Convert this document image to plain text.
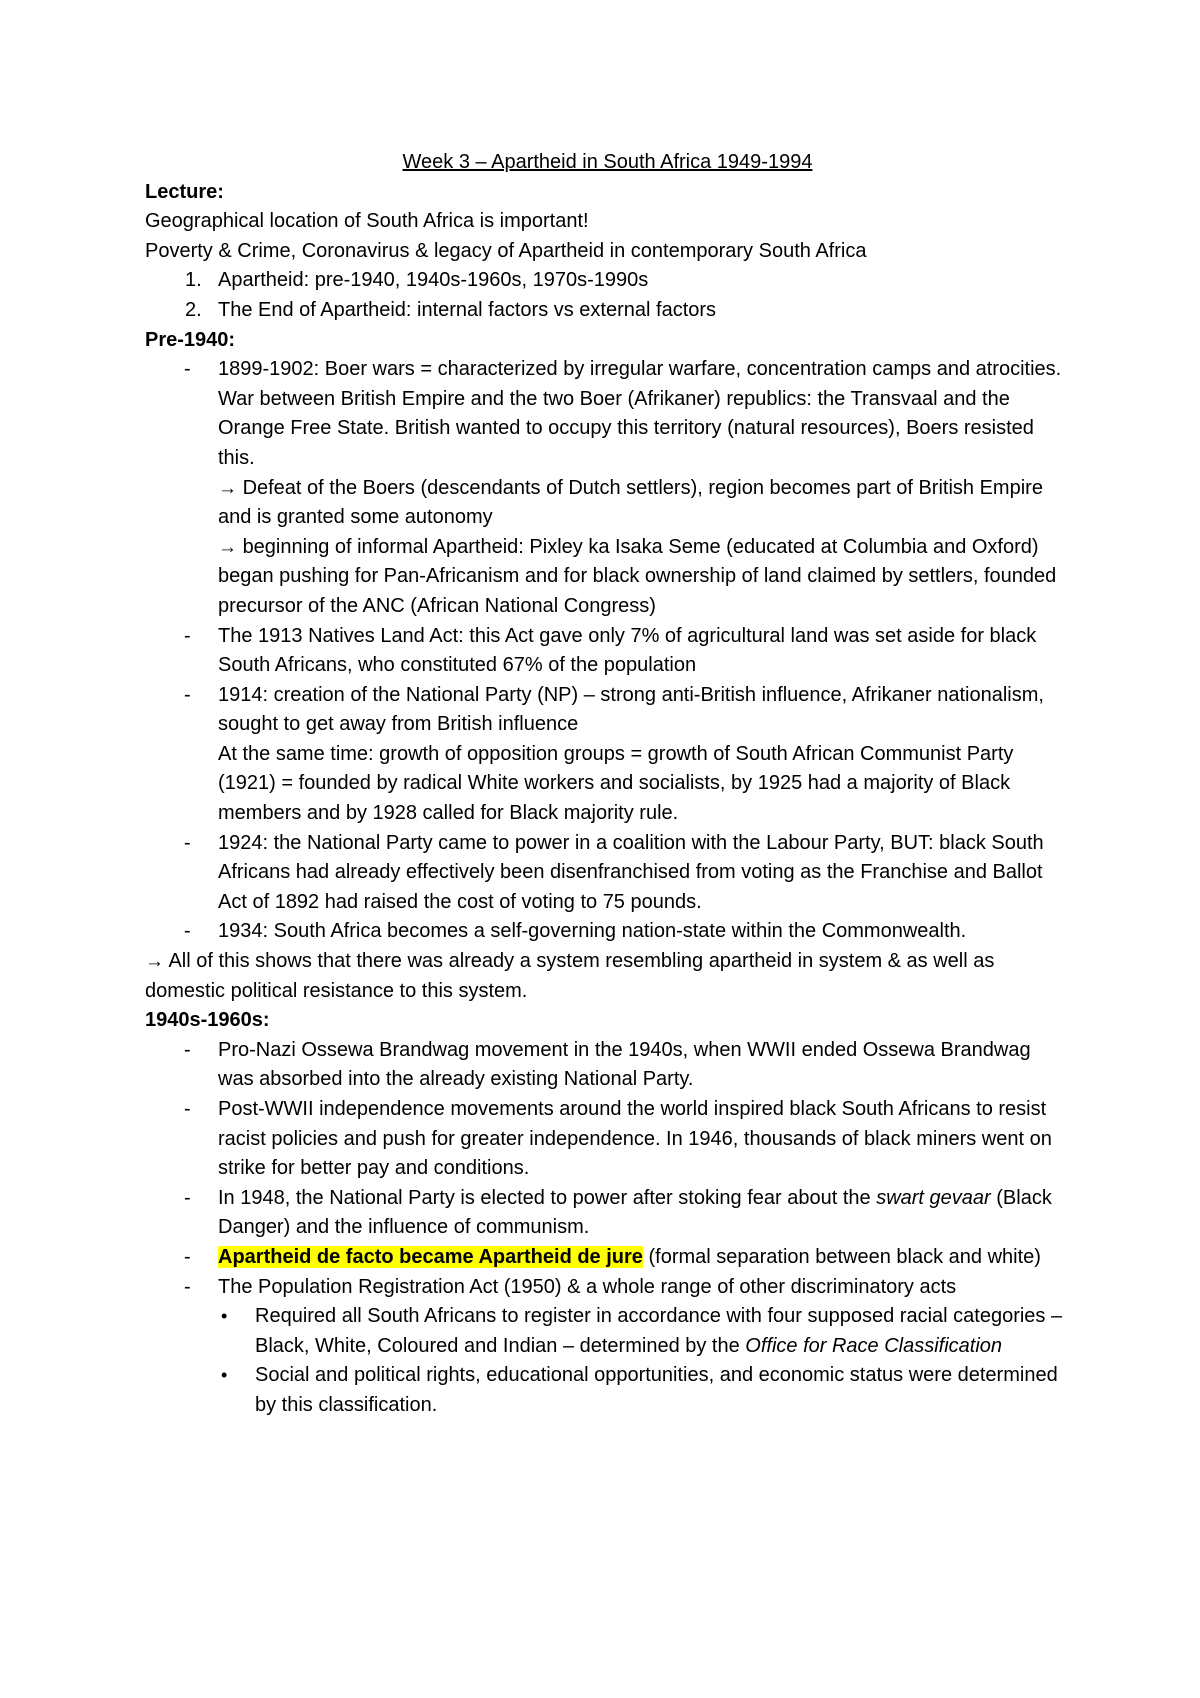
Week 3 – Apartheid in South Africa 1949-1994

Lecture:

Geographical location of South Africa is important!

Poverty & Crime, Coronavirus & legacy of Apartheid in contemporary South Africa

1. Apartheid: pre-1940, 1940s-1960s, 1970s-1990s
2. The End of Apartheid: internal factors vs external factors

Pre-1940:

- 1899-1902: Boer wars = characterized by irregular warfare, concentration camps and atrocities. War between British Empire and the two Boer (Afrikaner) republics: the Transvaal and the Orange Free State. British wanted to occupy this territory (natural resources), Boers resisted this.
→ Defeat of the Boers (descendants of Dutch settlers), region becomes part of British Empire and is granted some autonomy
→ beginning of informal Apartheid: Pixley ka Isaka Seme (educated at Columbia and Oxford) began pushing for Pan-Africanism and for black ownership of land claimed by settlers, founded precursor of the ANC (African National Congress)
- The 1913 Natives Land Act: this Act gave only 7% of agricultural land was set aside for black South Africans, who constituted 67% of the population
- 1914: creation of the National Party (NP) – strong anti-British influence, Afrikaner nationalism, sought to get away from British influence
At the same time: growth of opposition groups = growth of South African Communist Party (1921) = founded by radical White workers and socialists, by 1925 had a majority of Black members and by 1928 called for Black majority rule.
- 1924: the National Party came to power in a coalition with the Labour Party, BUT: black South Africans had already effectively been disenfranchised from voting as the Franchise and Ballot Act of 1892 had raised the cost of voting to 75 pounds.
- 1934: South Africa becomes a self-governing nation-state within the Commonwealth.

→ All of this shows that there was already a system resembling apartheid in system & as well as domestic political resistance to this system.

1940s-1960s:

- Pro-Nazi Ossewa Brandwag movement in the 1940s, when WWII ended Ossewa Brandwag was absorbed into the already existing National Party.
- Post-WWII independence movements around the world inspired black South Africans to resist racist policies and push for greater independence. In 1946, thousands of black miners went on strike for better pay and conditions.
- In 1948, the National Party is elected to power after stoking fear about the swart gevaar (Black Danger) and the influence of communism.
- Apartheid de facto became Apartheid de jure (formal separation between black and white)
- The Population Registration Act (1950) & a whole range of other discriminatory acts
• Required all South Africans to register in accordance with four supposed racial categories – Black, White, Coloured and Indian – determined by the Office for Race Classification
• Social and political rights, educational opportunities, and economic status were determined by this classification.
